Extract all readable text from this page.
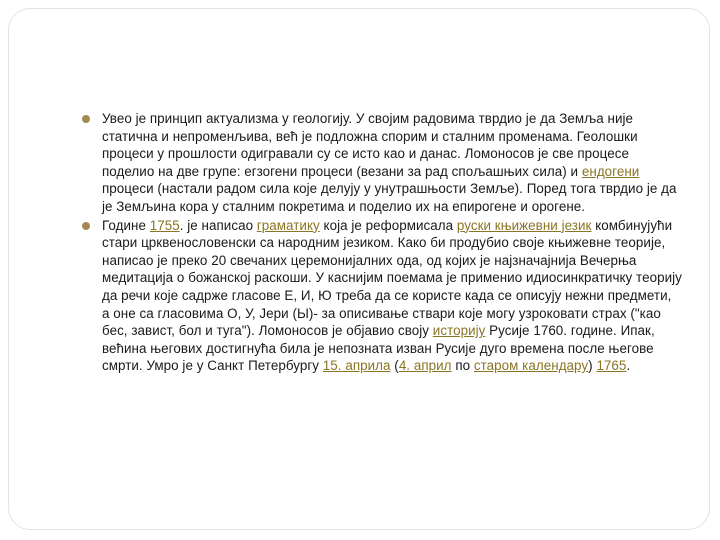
Увео је принцип актуализма у геологију. У својим радовима тврдио је да Земља није статична и непроменљива, већ је подложна спорим и сталним променама. Геолошки процеси у прошлости одигравали су се исто као и данас. Ломоносов је све процесе поделио на две групе: егзогени процеси (везани за рад спољашњих сила) и ендогени процеси (настали радом сила које делују у унутрашњости Земље). Поред тога тврдио је да је Земљина кора у сталним покретима и поделио их на епирогене и орогене.
Године 1755. је написао граматику која је реформисала руски књижевни језик комбинујући стари црквенословенски са народним језиком. Како би продубио своје књижевне теорије, написао је преко 20 свечаних церемонијалних ода, од којих је најзначајнија Вечерња медитација о божанској раскоши. У каснијим поемама је применио идиосинкратичку теорију да речи које садрже гласове Е, И, Ю треба да се користе када се описују нежни предмети, а оне са гласовима О, У, Јери (Ы)- за описивање ствари које могу узроковати страх ("као бес, завист, бол и туга"). Ломоносов је објавио своју историју Русије 1760. године. Ипак, већина његових достигнућа била је непозната изван Русије дуго времена после његове смрти. Умро је у Санкт Петербургу 15. априла (4. април по старом календару) 1765.
